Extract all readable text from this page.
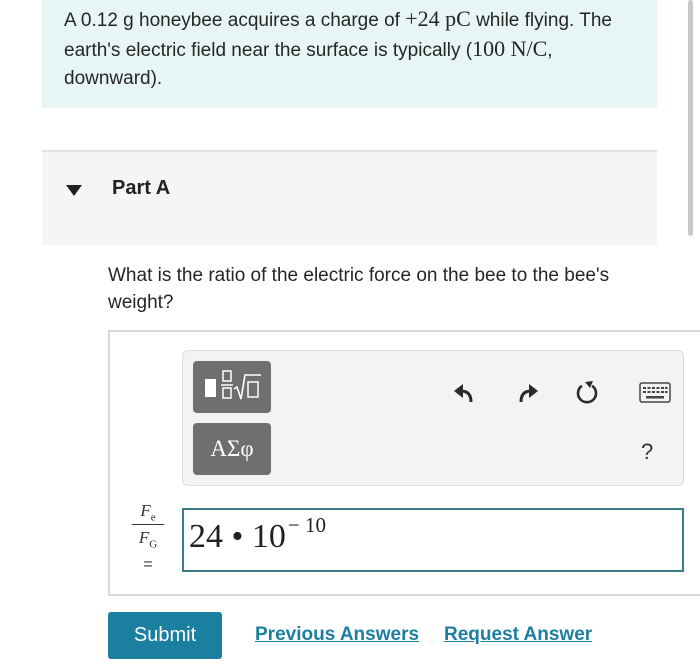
A 0.12 g honeybee acquires a charge of +24 pC while flying. The earth's electric field near the surface is typically (100 N/C, downward).
Part A
What is the ratio of the electric force on the bee to the bee's weight?
ΑΣφ	?
$F_e$
$F_G$
=
24 • $10^{- 10}$
Submit	Previous Answers Request Answer
